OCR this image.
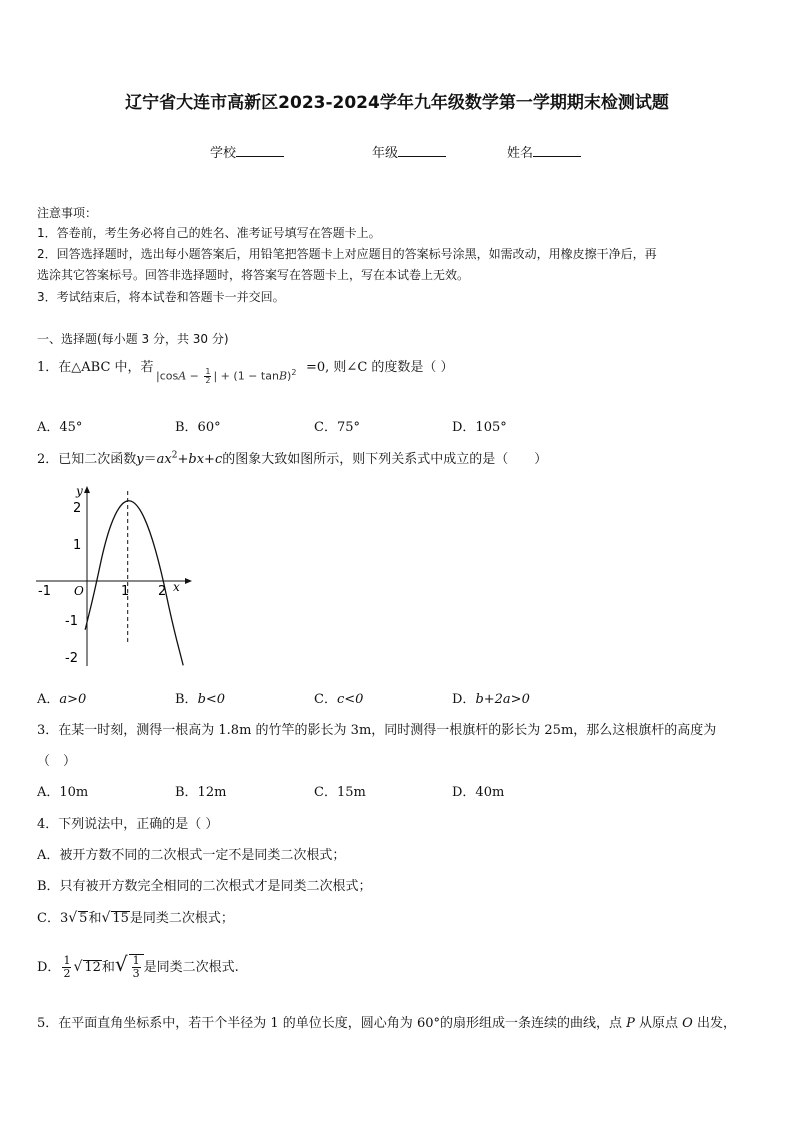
辽宁省大连市高新区2023-2024学年九年级数学第一学期期末检测试题
学校	年级	姓名
注意事项：
1．答卷前，考生务必将自己的姓名、准考证号填写在答题卡上。
2．回答选择题时，选出每小题答案后，用铅笔把答题卡上对应题目的答案标号涂黑，如需改动，用橡皮擦干净后，再
选涂其它答案标号。回答非选择题时，将答案写在答题卡上，写在本试卷上无效。
3．考试结束后，将本试卷和答题卡一并交回。
一、选择题(每小题 3 分，共 30 分)
1．在△ABC 中，若
$|\cos A - \frac{1}{2}$ | + $(1 - \tan B)^2 =0$, 则∠C 的度数是（ ）
A．45°	B．60°	C．75°	D．105°
2．已知二次函数$y=ax^2+bx+c$的图象大致如图所示，则下列关系式中成立的是（　　）
y
x
O
2
1
-1
-2
-1	1 2
A．a>0	B．b<0	C．c<0	D．b+2a>0
3．在某一时刻，测得一根高为 1.8m 的竹竿的影长为 3m，同时测得一根旗杆的影长为 25m，那么这根旗杆的高度为
（　）
A．10m	B．12m	C．15m	D．40m
4．下列说法中，正确的是（ ）
A．被开方数不同的二次根式一定不是同类二次根式；
B．只有被开方数完全相同的二次根式才是同类二次根式；
C．3√ 5和√ 15是同类二次根式；
D． $\frac{1}{2}$ √ 12和√ $\frac{1}{3}$ 是同类二次根式.
5．在平面直角坐标系中，若干个半径为 1 的单位长度，圆心角为 60°的扇形组成一条连续的曲线，点 P 从原点 O 出发，
